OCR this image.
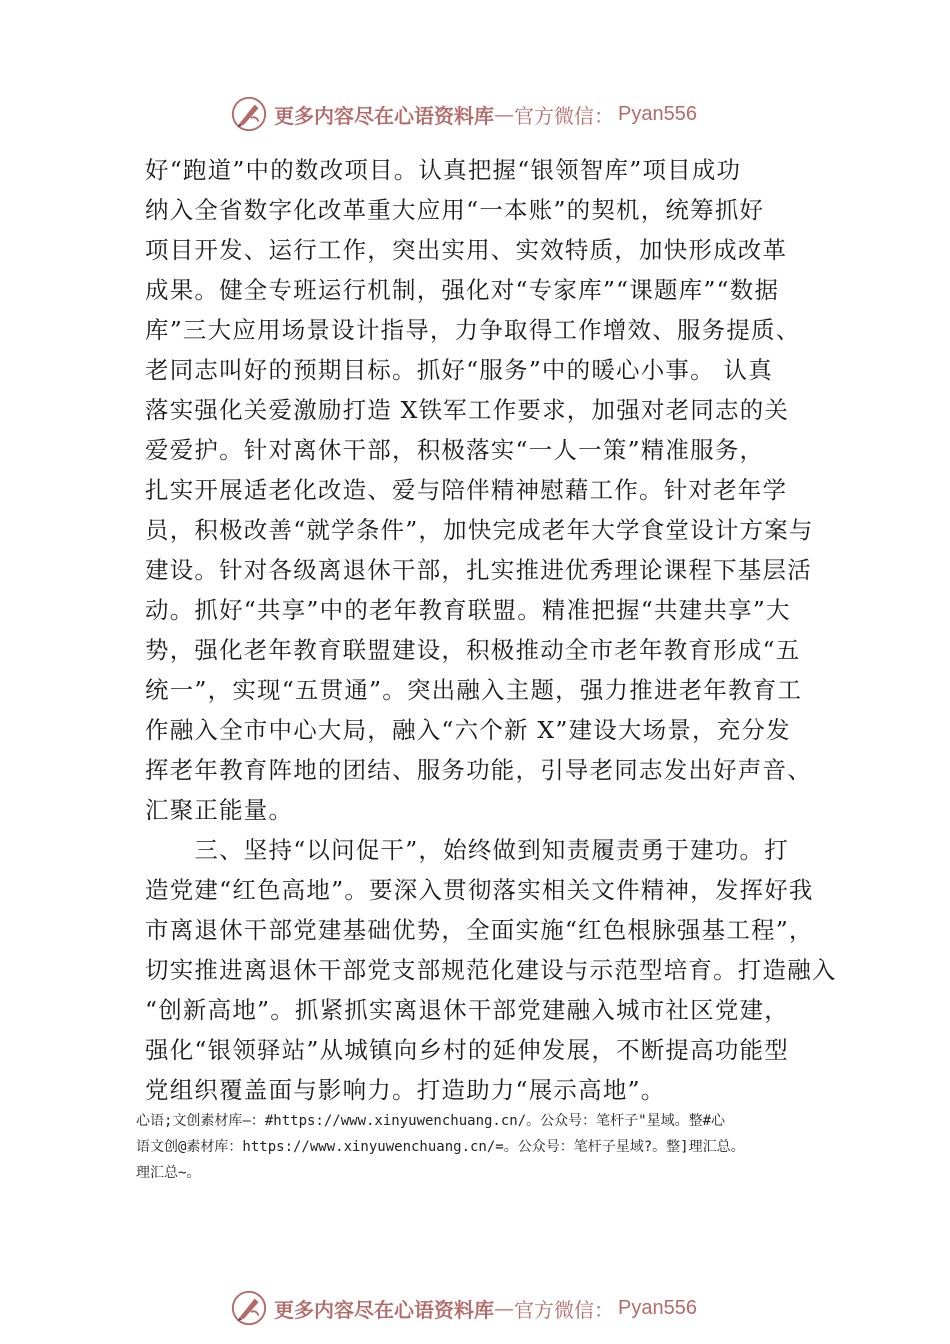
更多内容尽在心语资料库 — 官方微信： Pyan556
好“跑道”中的数改项目。认真把握“银领智库”项目成功
纳入全省数字化改革重大应用“一本账”的契机，统筹抓好
项目开发、运行工作，突出实用、实效特质，加快形成改革
成果。健全专班运行机制，强化对“专家库”“课题库”“数据
库”三大应用场景设计指导，力争取得工作增效、服务提质、
老同志叫好的预期目标。抓好“服务”中的暖心小事。 认真
落实强化关爱激励打造 X铁军工作要求，加强对老同志的关
爱爱护。针对离休干部，积极落实“一人一策”精准服务，
扎实开展适老化改造、爱与陪伴精神慰藉工作。针对老年学
员，积极改善“就学条件”，加快完成老年大学食堂设计方案与
建设。针对各级离退休干部，扎实推进优秀理论课程下基层活
动。抓好“共享”中的老年教育联盟。精准把握“共建共享”大
势，强化老年教育联盟建设，积极推动全市老年教育形成“五
统一”，实现“五贯通”。突出融入主题，强力推进老年教育工
作融入全市中心大局，融入“六个新 X”建设大场景，充分发
挥老年教育阵地的团结、服务功能，引导老同志发出好声音、
汇聚正能量。
　　三、坚持“以问促干”，始终做到知责履责勇于建功。打
造党建“红色高地”。要深入贯彻落实相关文件精神，发挥好我
市离退休干部党建基础优势，全面实施“红色根脉强基工程”，
切实推进离退休干部党支部规范化建设与示范型培育。打造融入
“创新高地”。抓紧抓实离退休干部党建融入城市社区党建，
强化“银领驿站”从城镇向乡村的延伸发展，不断提高功能型
党组织覆盖面与影响力。打造助力“展示高地”。
心语;文创素材库—：#https://www.xinyuwenchuang.cn/。公众号：笔杆子"星域。整#心
语文创@素材库：https://www.xinyuwenchuang.cn/=。公众号：笔杆子星域?。整]理汇总。
理汇总~。
更多内容尽在心语资料库 — 官方微信： Pyan556
